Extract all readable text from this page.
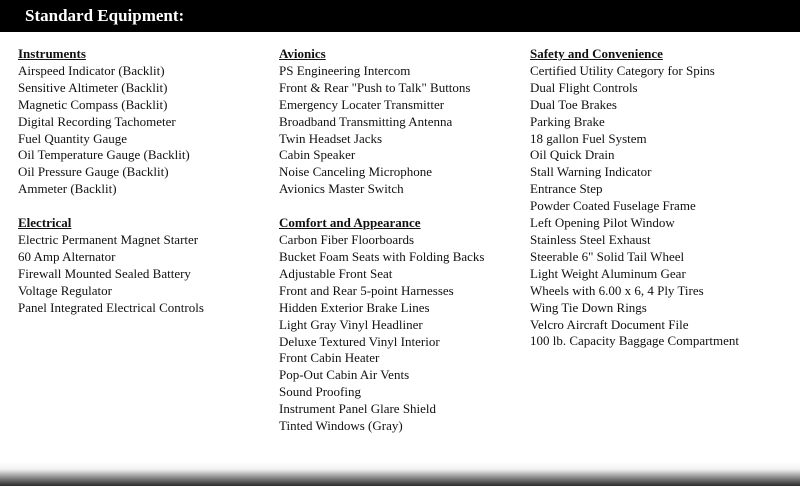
Standard Equipment:
Instruments
Airspeed Indicator (Backlit)
Sensitive Altimeter (Backlit)
Magnetic Compass (Backlit)
Digital Recording Tachometer
Fuel Quantity Gauge
Oil Temperature Gauge (Backlit)
Oil Pressure Gauge (Backlit)
Ammeter (Backlit)
Electrical
Electric Permanent Magnet Starter
60 Amp Alternator
Firewall Mounted Sealed Battery
Voltage Regulator
Panel Integrated Electrical Controls
Avionics
PS Engineering Intercom
Front & Rear "Push to Talk" Buttons
Emergency Locater Transmitter
Broadband Transmitting Antenna
Twin Headset Jacks
Cabin Speaker
Noise Canceling Microphone
Avionics Master Switch
Comfort and Appearance
Carbon Fiber Floorboards
Bucket Foam Seats with Folding Backs
Adjustable Front Seat
Front and Rear 5-point Harnesses
Hidden Exterior Brake Lines
Light Gray Vinyl Headliner
Deluxe Textured Vinyl Interior
Front Cabin Heater
Pop-Out Cabin Air Vents
Sound Proofing
Instrument Panel Glare Shield
Tinted Windows (Gray)
Safety and Convenience
Certified Utility Category for Spins
Dual Flight Controls
Dual Toe Brakes
Parking Brake
18 gallon Fuel System
Oil Quick Drain
Stall Warning Indicator
Entrance Step
Powder Coated Fuselage Frame
Left Opening Pilot Window
Stainless Steel Exhaust
Steerable 6" Solid Tail Wheel
Light Weight Aluminum Gear
Wheels with 6.00 x 6, 4 Ply Tires
Wing Tie Down Rings
Velcro Aircraft Document File
100 lb. Capacity Baggage Compartment
